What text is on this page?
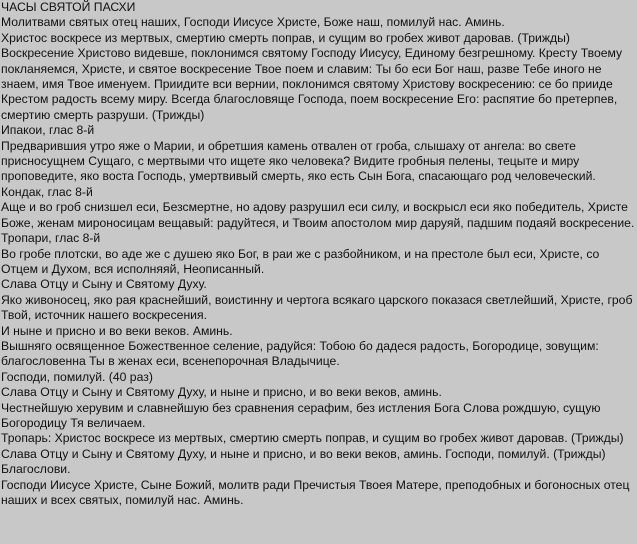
ЧАСЫ СВЯТОЙ ПАСХИ
Молитвами святых отец наших, Господи Иисусе Христе, Боже наш, помилуй нас. Аминь.
Христос воскресе из мертвых, смертию смерть поправ, и сущим во гробех живот даровав. (Трижды)
Воскресение Христово видевше, поклонимся святому Господу Иисусу, Единому безгрешному. Кресту Твоему покланяемся, Христе, и святое воскресение Твое поем и славим: Ты бо еси Бог наш, разве Тебе иного не знаем, имя Твое именуем. Приидите вси вернии, поклонимся святому Христову воскресению: се бо прииде Крестом радость всему миру. Всегда благословяще Господа, поем воскресение Его: распятие бо претерпев, смертию смерть разруши. (Трижды)
Ипакои, глас 8-й
Предварившия утро яже о Марии, и обретшия камень отвален от гроба, слышаху от ангела: во свете присносущнем Сущаго, с мертвыми что ищете яко человека? Видите гробныя пелены, тецыте и миру проповедите, яко воста Господь, умертвивый смерть, яко есть Сын Бога, спасающаго род человеческий.
Кондак, глас 8-й
Аще и во гроб снизшел еси, Безсмертне, но адову разрушил еси силу, и воскрысл еси яко победитель, Христе Боже, женам мироносицам вещавый: радуйтеся, и Твоим апостолом мир даруяй, падшим подаяй воскресение.
Тропари, глас 8-й
Во гробе плотски, во аде же с душею яко Бог, в раи же с разбойником, и на престоле был еси, Христе, со Отцем и Духом, вся исполняяй, Неописанный.
Слава Отцу и Сыну и Святому Духу.
Яко живоносец, яко рая краснейший, воистинну и чертога всякаго царского показася светлейший, Христе, гроб Твой, источник нашего воскресения.
И ныне и присно и во веки веков. Аминь.
Вышняго освященное Божественное селение, радуйся: Тобою бо дадеся радость, Богородице, зовущим: благословенна Ты в женах еси, всенепорочная Владычице.
Господи, помилуй. (40 раз)
Слава Отцу и Сыну и Святому Духу, и ныне и присно, и во веки веков, аминь.
Честнейшую херувим и славнейшую без сравнения серафим, без истления Бога Слова рождшую, сущую Богородицу Тя величаем.
Тропарь: Христос воскресе из мертвых, смертию смерть поправ, и сущим во гробех живот даровав. (Трижды)
Слава Отцу и Сыну и Святому Духу, и ныне и присно, и во веки веков, аминь. Господи, помилуй. (Трижды) Благослови.
Господи Иисусе Христе, Сыне Божий, молитв ради Пречистыя Твоея Матере, преподобных и богоносных отец наших и всех святых, помилуй нас. Аминь.
